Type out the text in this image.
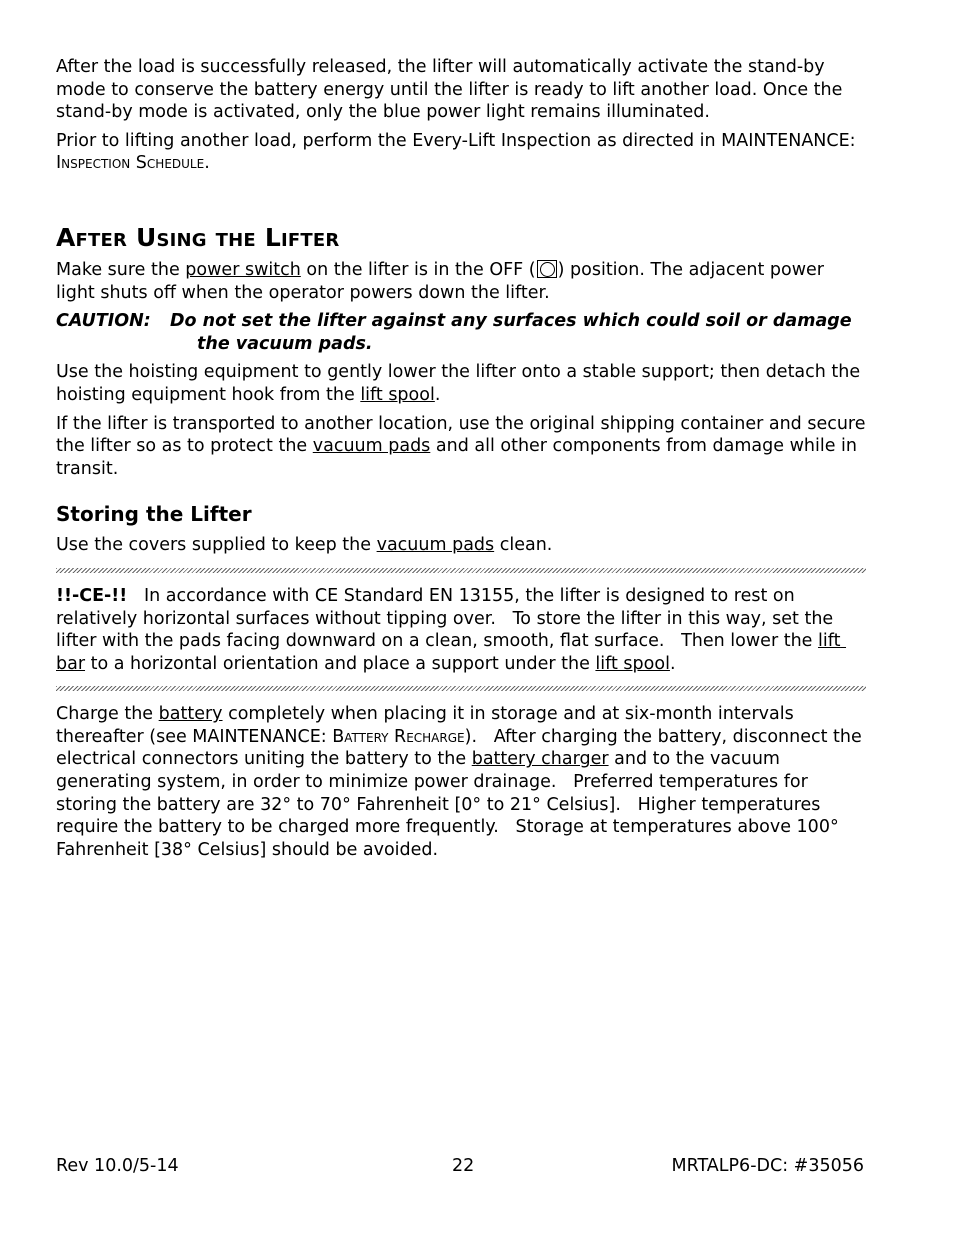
After the load is successfully released, the lifter will automatically activate the stand-by mode to conserve the battery energy until the lifter is ready to lift another load. Once the stand-by mode is activated, only the blue power light remains illuminated.

Prior to lifting another load, perform the Every-Lift Inspection as directed in MAINTENANCE: Inspection Schedule.

After Using the Lifter

Make sure the power switch on the lifter is in the OFF ( ) position. The adjacent power light shuts off when the operator powers down the lifter.

CAUTION: Do not set the lifter against any surfaces which could soil or damage the vacuum pads.

Use the hoisting equipment to gently lower the lifter onto a stable support; then detach the hoisting equipment hook from the lift spool.

If the lifter is transported to another location, use the original shipping container and secure the lifter so as to protect the vacuum pads and all other components from damage while in transit.

Storing the Lifter

Use the covers supplied to keep the vacuum pads clean.

!!-CE-!!   In accordance with CE Standard EN 13155, the lifter is designed to rest on relatively horizontal surfaces without tipping over.   To store the lifter in this way, set the lifter with the pads facing downward on a clean, smooth, flat surface.   Then lower the lift bar to a horizontal orientation and place a support under the lift spool.

Charge the battery completely when placing it in storage and at six-month intervals thereafter (see MAINTENANCE: Battery Recharge).   After charging the battery, disconnect the electrical connectors uniting the battery to the battery charger and to the vacuum generating system, in order to minimize power drainage.   Preferred temperatures for storing the battery are 32° to 70° Fahrenheit [0° to 21° Celsius].   Higher temperatures require the battery to be charged more frequently.   Storage at temperatures above 100° Fahrenheit [38° Celsius] should be avoided.

Rev 10.0/5-14	22	MRTALP6-DC: #35056
